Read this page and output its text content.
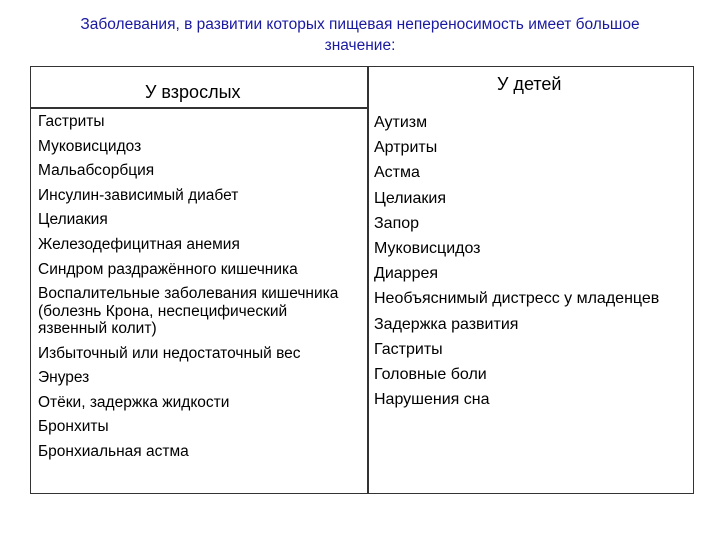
Заболевания, в развитии которых пищевая непереносимость имеет большое значение:
У взрослых	У детей
Гастриты
Муковисцидоз
Мальабсорбция
Инсулин-зависимый диабет
Целиакия
Железодефицитная анемия
Синдром раздражённого кишечника
Воспалительные заболевания кишечника (болезнь Крона, неспецифический язвенный колит)
Избыточный или недостаточный вес
Энурез
Отёки, задержка жидкости
Бронхиты
Бронхиальная астма
Аутизм
Артриты
Астма
Целиакия
Запор
Муковисцидоз
Диаррея
Необъяснимый дистресс у младенцев
Задержка развития
Гастриты
Головные боли
Нарушения сна
